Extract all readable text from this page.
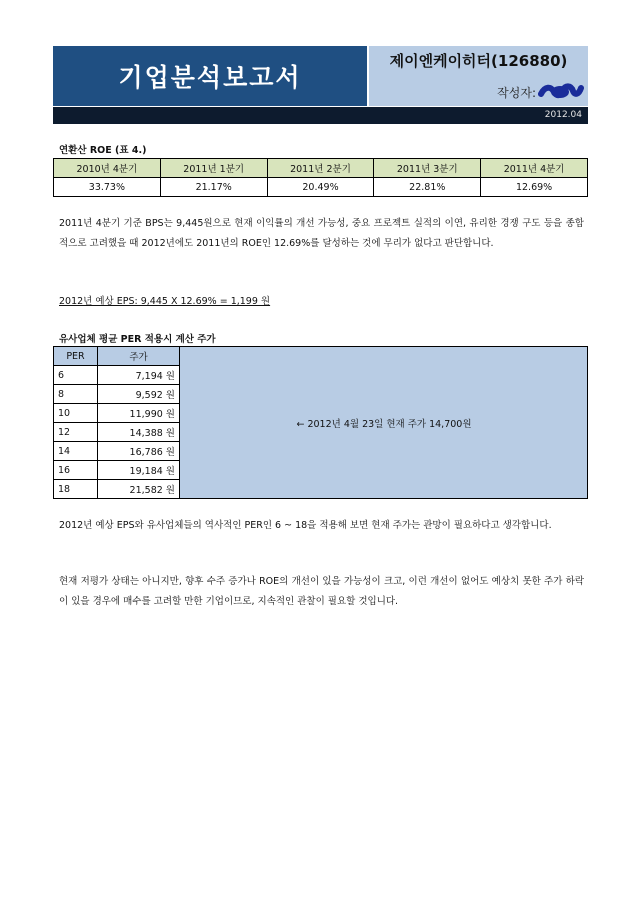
기업분석보고서
제이엔케이히터(126880)
작성자:
2012.04
연환산 ROE (표 4.)
2010년 4분기	2011년 1분기	2011년 2분기	2011년 3분기	2011년 4분기
33.73%	21.17%	20.49%	22.81%	12.69%
2011년 4분기 기준 BPS는 9,445원으로 현재 이익률의 개선 가능성, 중요 프로젝트 실적의 이연, 유리한 경쟁 구도 등을 종합적으로 고려했을 때 2012년에도 2011년의 ROE인 12.69%를 달성하는 것에 무리가 없다고 판단합니다.
2012년 예상 EPS: 9,445 X 12.69% = 1,199 원
유사업체 평균 PER 적용시 계산 주가
PER	주가	← 2012년 4월 23일 현재 주가 14,700원
6	7,194 원	
8	9,592 원	
10	11,990 원	
12	14,388 원	
14	16,786 원	
16	19,184 원	
18	21,582 원	
2012년 예상 EPS와 유사업체들의 역사적인 PER인 6 ~ 18을 적용해 보면 현재 주가는 관망이 필요하다고 생각합니다.
현재 저평가 상태는 아니지만, 향후 수주 증가나 ROE의 개선이 있을 가능성이 크고, 이런 개선이 없어도 예상치 못한 주가 하락이 있을 경우에 매수를 고려할 만한 기업이므로, 지속적인 관찰이 필요할 것입니다.
